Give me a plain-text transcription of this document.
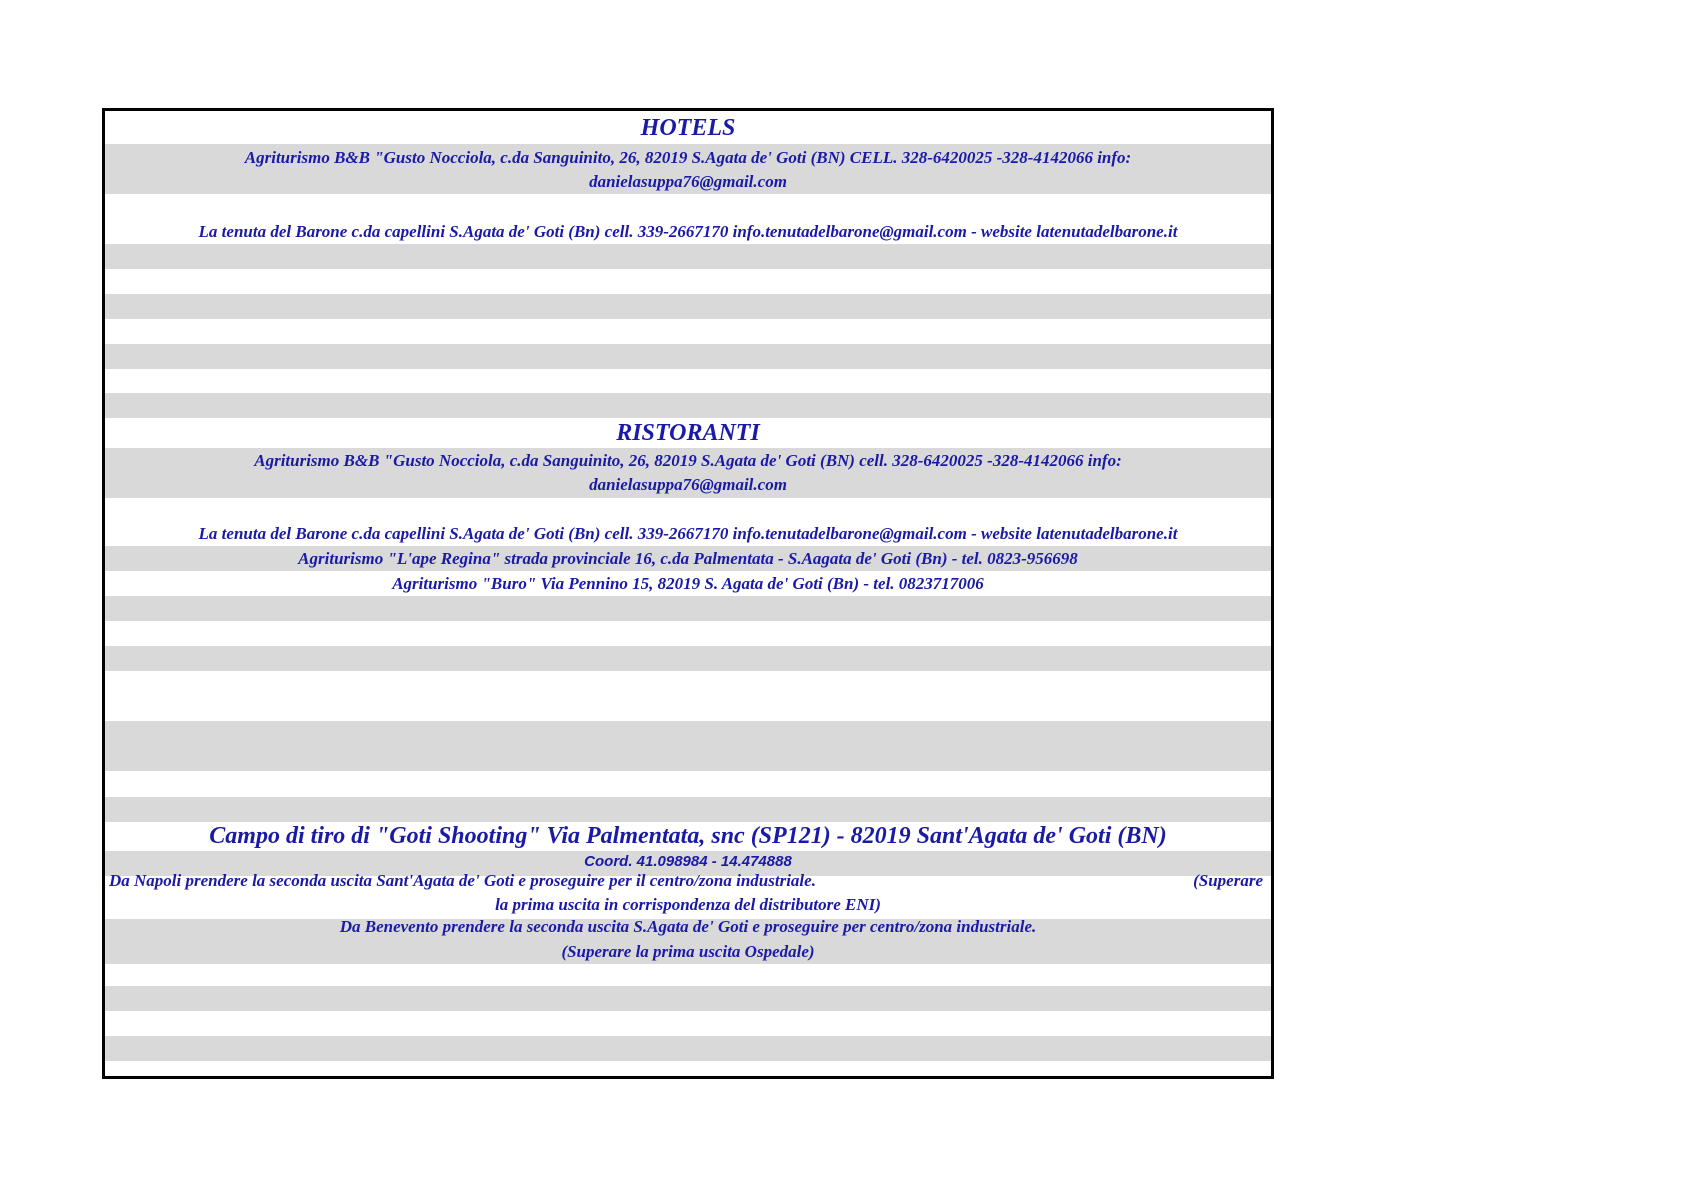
HOTELS
Agriturismo B&B "Gusto Nocciola, c.da Sanguinito, 26, 82019 S.Agata de' Goti (BN) CELL. 328-6420025 -328-4142066 info:
danielasuppa76@gmail.com
La tenuta del Barone c.da capellini S.Agata de' Goti (Bn) cell. 339-2667170 info.tenutadelbarone@gmail.com - website latenutadelbarone.it
RISTORANTI
Agriturismo B&B "Gusto Nocciola, c.da Sanguinito, 26, 82019 S.Agata de' Goti (BN) cell. 328-6420025 -328-4142066 info:
danielasuppa76@gmail.com
La tenuta del Barone c.da capellini S.Agata de' Goti (Bn) cell. 339-2667170 info.tenutadelbarone@gmail.com - website latenutadelbarone.it
Agriturismo "L'ape Regina" strada provinciale 16, c.da Palmentata - S.Aagata de' Goti (Bn) - tel. 0823-956698
Agriturismo "Buro" Via Pennino 15, 82019 S. Agata de' Goti (Bn) - tel. 0823717006
Campo di tiro di "Goti Shooting" Via Palmentata, snc (SP121) - 82019 Sant'Agata de' Goti (BN)
Coord. 41.098984 - 14.474888
Da Napoli prendere la seconda uscita Sant'Agata de' Goti e proseguire per il centro/zona industriale.	(Superare
la prima uscita in corrispondenza del distributore ENI)
Da Benevento prendere la seconda uscita S.Agata de' Goti e proseguire per centro/zona industriale.
(Superare la prima uscita Ospedale)
